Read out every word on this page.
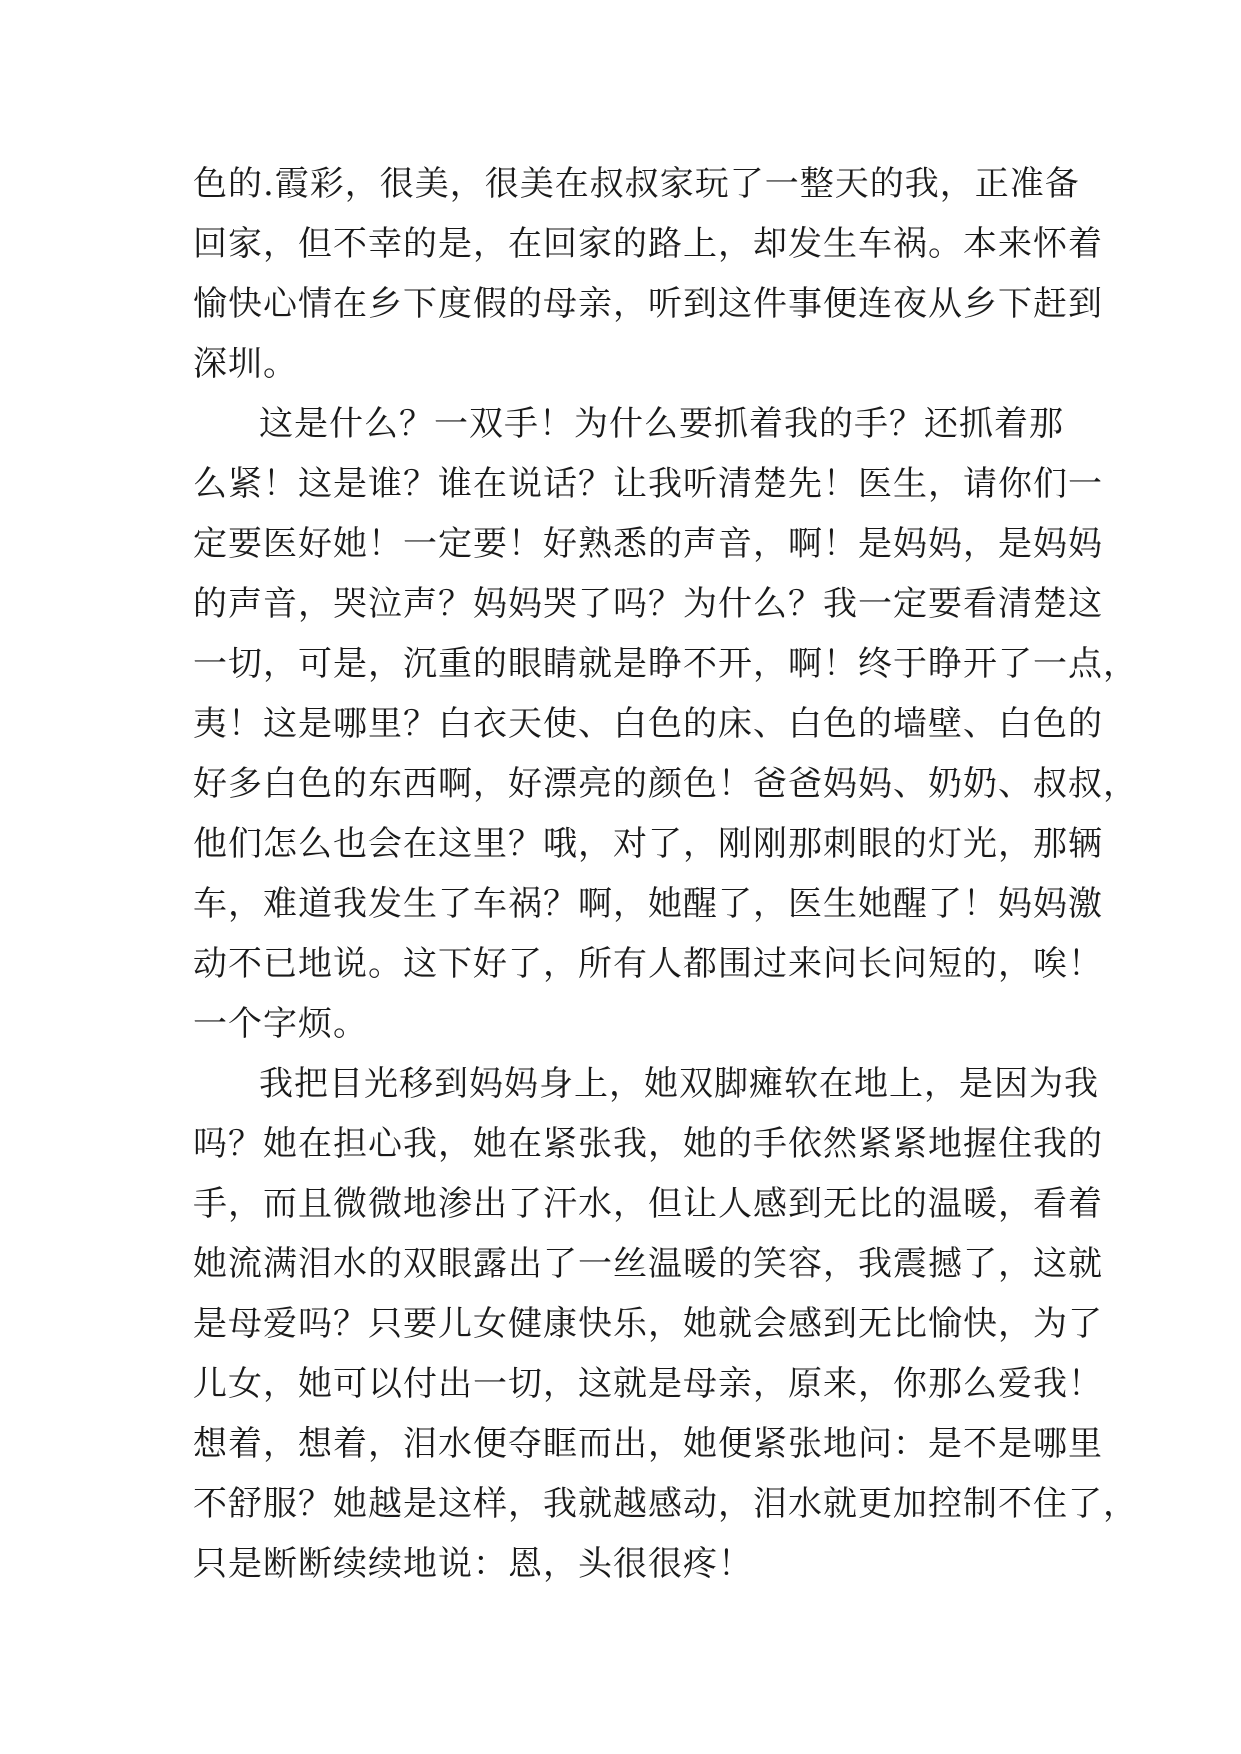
色的.霞彩，很美，很美在叔叔家玩了一整天的我，正准备
回家，但不幸的是，在回家的路上，却发生车祸。本来怀着
愉快心情在乡下度假的母亲，听到这件事便连夜从乡下赶到
深圳。
这是什么？一双手！为什么要抓着我的手？还抓着那
么紧！这是谁？谁在说话？让我听清楚先！医生，请你们一
定要医好她！一定要！好熟悉的声音，啊！是妈妈，是妈妈
的声音，哭泣声？妈妈哭了吗？为什么？我一定要看清楚这
一切，可是，沉重的眼睛就是睁不开，啊！终于睁开了一点，
夷！这是哪里？白衣天使、白色的床、白色的墙壁、白色的
好多白色的东西啊，好漂亮的颜色！爸爸妈妈、奶奶、叔叔，
他们怎么也会在这里？哦，对了，刚刚那刺眼的灯光，那辆
车，难道我发生了车祸？啊，她醒了，医生她醒了！妈妈激
动不已地说。这下好了，所有人都围过来问长问短的，唉！
一个字烦。
我把目光移到妈妈身上，她双脚瘫软在地上，是因为我
吗？她在担心我，她在紧张我，她的手依然紧紧地握住我的
手，而且微微地渗出了汗水，但让人感到无比的温暖，看着
她流满泪水的双眼露出了一丝温暖的笑容，我震撼了，这就
是母爱吗？只要儿女健康快乐，她就会感到无比愉快，为了
儿女，她可以付出一切，这就是母亲，原来，你那么爱我！
想着，想着，泪水便夺眶而出，她便紧张地问：是不是哪里
不舒服？她越是这样，我就越感动，泪水就更加控制不住了，
只是断断续续地说：恩，头很很疼！
